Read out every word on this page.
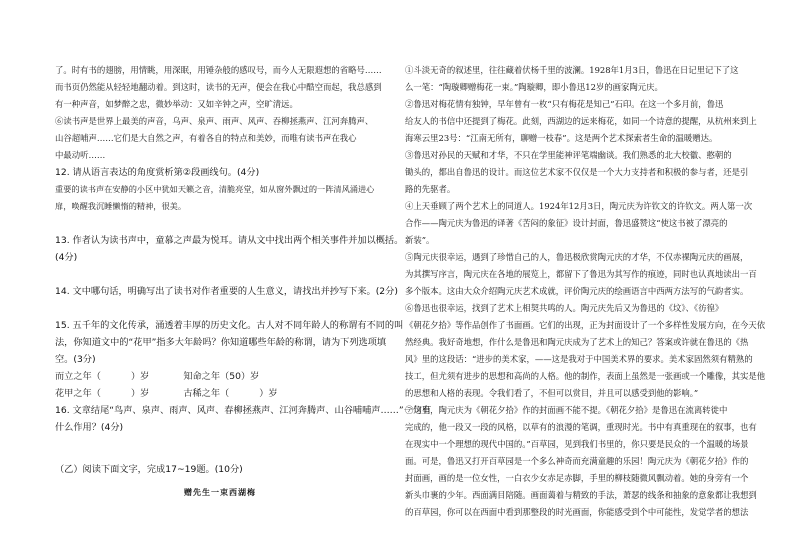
了。时有书的翅膀，用情眺，用深眠，用锤杂般的感叹号，而今人无限遐想的省略号……

而书页仍然能从轻轻地翻动着。到这时，读书的无声，便会在我心中酷空而起，我总感到

有一种声音，如梦醉之忠，微妙举动：又如辛钟之声，空旷清远。

⑥读书声是世界上最美的声音，乌声、泉声、雨声、风声、吞柳拯燕声、江河奔腾声、

山谷超哺声……它们是大自然之声，有着各自的特点和美妙，而唯有读书声在我心

中最动听……

12. 请从语言表达的角度赏析第②段画线句。(4分)

重要的读书声在安静的小区中犹如天籁之音，清脆亮堂，如从窗外飘过的一阵清风涌进心

扉，唤醒我沉睡懒惰的精神，很美。

13. 作者认为读书声中，童慕之声最为悦耳。请从文中找出两个相关事件并加以概括。

(4分)

14. 文中哪句话，明确写出了读书对作者重要的人生意义，请找出并抄写下来。(2分)

15. 五千年的文化传承，涌透着丰厚的历史文化。古人对不同年龄人的称谓有不同的叫

法，你知道文中的“花甲”指多大年龄吗？你知道哪些年龄的称谓，请为下列选项填

空。(3分)

而立之年（	）岁	知命之年（50）岁
花甲之年（	）岁	古稀之年（	）岁

16. 文章结尾“鸟声、泉声、雨声、风声、春柳拯燕声、江河奔腾声、山谷哺哺声……”一句有

什么作用？(4分)

（乙）阅读下面文字，完成17~19题。(10分)

赠先生一束西湖梅

①斗淡无奇的叙述里，往往藏着伏杨千里的波澜。1928年1月3日，鲁迅在日记里记下了这

么一笔：“陶璇卿赠梅花一束。”陶璇卿，即小鲁迅12岁的画家陶元庆。

②鲁迅对梅花情有独钟，早年曾有一枚“只有梅花是知己”石印。在这一个多月前，鲁迅

给友人的书信中还提到了梅花。此刻，西湖边的远来梅花，如同一个诗意的提醒，从杭州来到上

海寒云里23号：“江南无所有，聊赠一枝春”。这是两个艺术探索者生命的温暖赠达。

③鲁迅对孙民的天赋和才华，不只在学里能神评笔端幽谈。我们熟悉的北大校徽、憨朝的

锄头的，都出自鲁迅的设计。而这位艺术家不仅仅是一个大力支持者和积极的参与者，还是引

路的先驱者。

④上天垂顾了两个艺术上的同道人。1924年12月3日，陶元庆为许钦文的许钦文。两人第一次

合作——陶元庆为鲁迅的译著《苦闷的象征》设计封面，鲁迅盛赞这“使这书被了漂亮的

新装”。

⑤陶元庆很幸运，遇到了珍惜自己的人，鲁迅极欣赏陶元庆的才华，不仅赤裸陶元庆的画展，

为其撰写序言，陶元庆在各地的展览上，都留下了鲁迅为其写作的痕迹，同时也认真地读出一百

多个版本。这由大众介绍陶元庆艺术成就，评价陶元庆的绘画语言中西两方法写的气韵者实。

⑥鲁迅也很幸运，找到了艺术上相契共鸣的人。陶元庆先后又为鲁迅的《坟》、《彷徨》

《朝花夕拾》等作品创作了书面画。它们的出现，正为封面设计了一个多样性发展方向，在今天依

然经典。我好奇地想，作什么是鲁迅和陶元庆成为了艺术上的知己？答案或许就在鲁迅的《热

风》里的这段话：“进步的美术家，——这是我对于中国美术界的要求。美术家固然须有精熟的

技工，但尤须有进步的思想和高尚的人格。他的制作，表面上虽然是一张画或一个雕像，其实是他

的思想和人格的表现。令我们看了，不但可以赏目，并且可以感受到他的影响。”

⑦这里，陶元庆为《朝花夕拾》作的封面画不能不提。《朝花夕拾》是鲁迅在流离转徙中

完成的，他一段又一段的风格，以草有的浪漫的笔调，重现时光。书中有真重现在的叙事，也有

在现实中一个理想的现代中国的。”百草园，见到我们书里的，你只要是民众的一个温暖的场景

面。可是，鲁迅又打开百草园是一个多么神奇而充满童趣的乐园！陶元庆为《朝花夕拾》作的

封面画，画的是一位女性，一白衣少女赤足赤脚，手里的柳枝随微风飘动着。她的身旁有一个

新头巾裹的少年。西面满目陪随。画面蔼着与精致的手法，萧瑟的线条和抽象的意象都让我想到

的百草园，你可以在西面中看到那整段的时光画面，你能感受到个中可能性，发觉学者的想法
